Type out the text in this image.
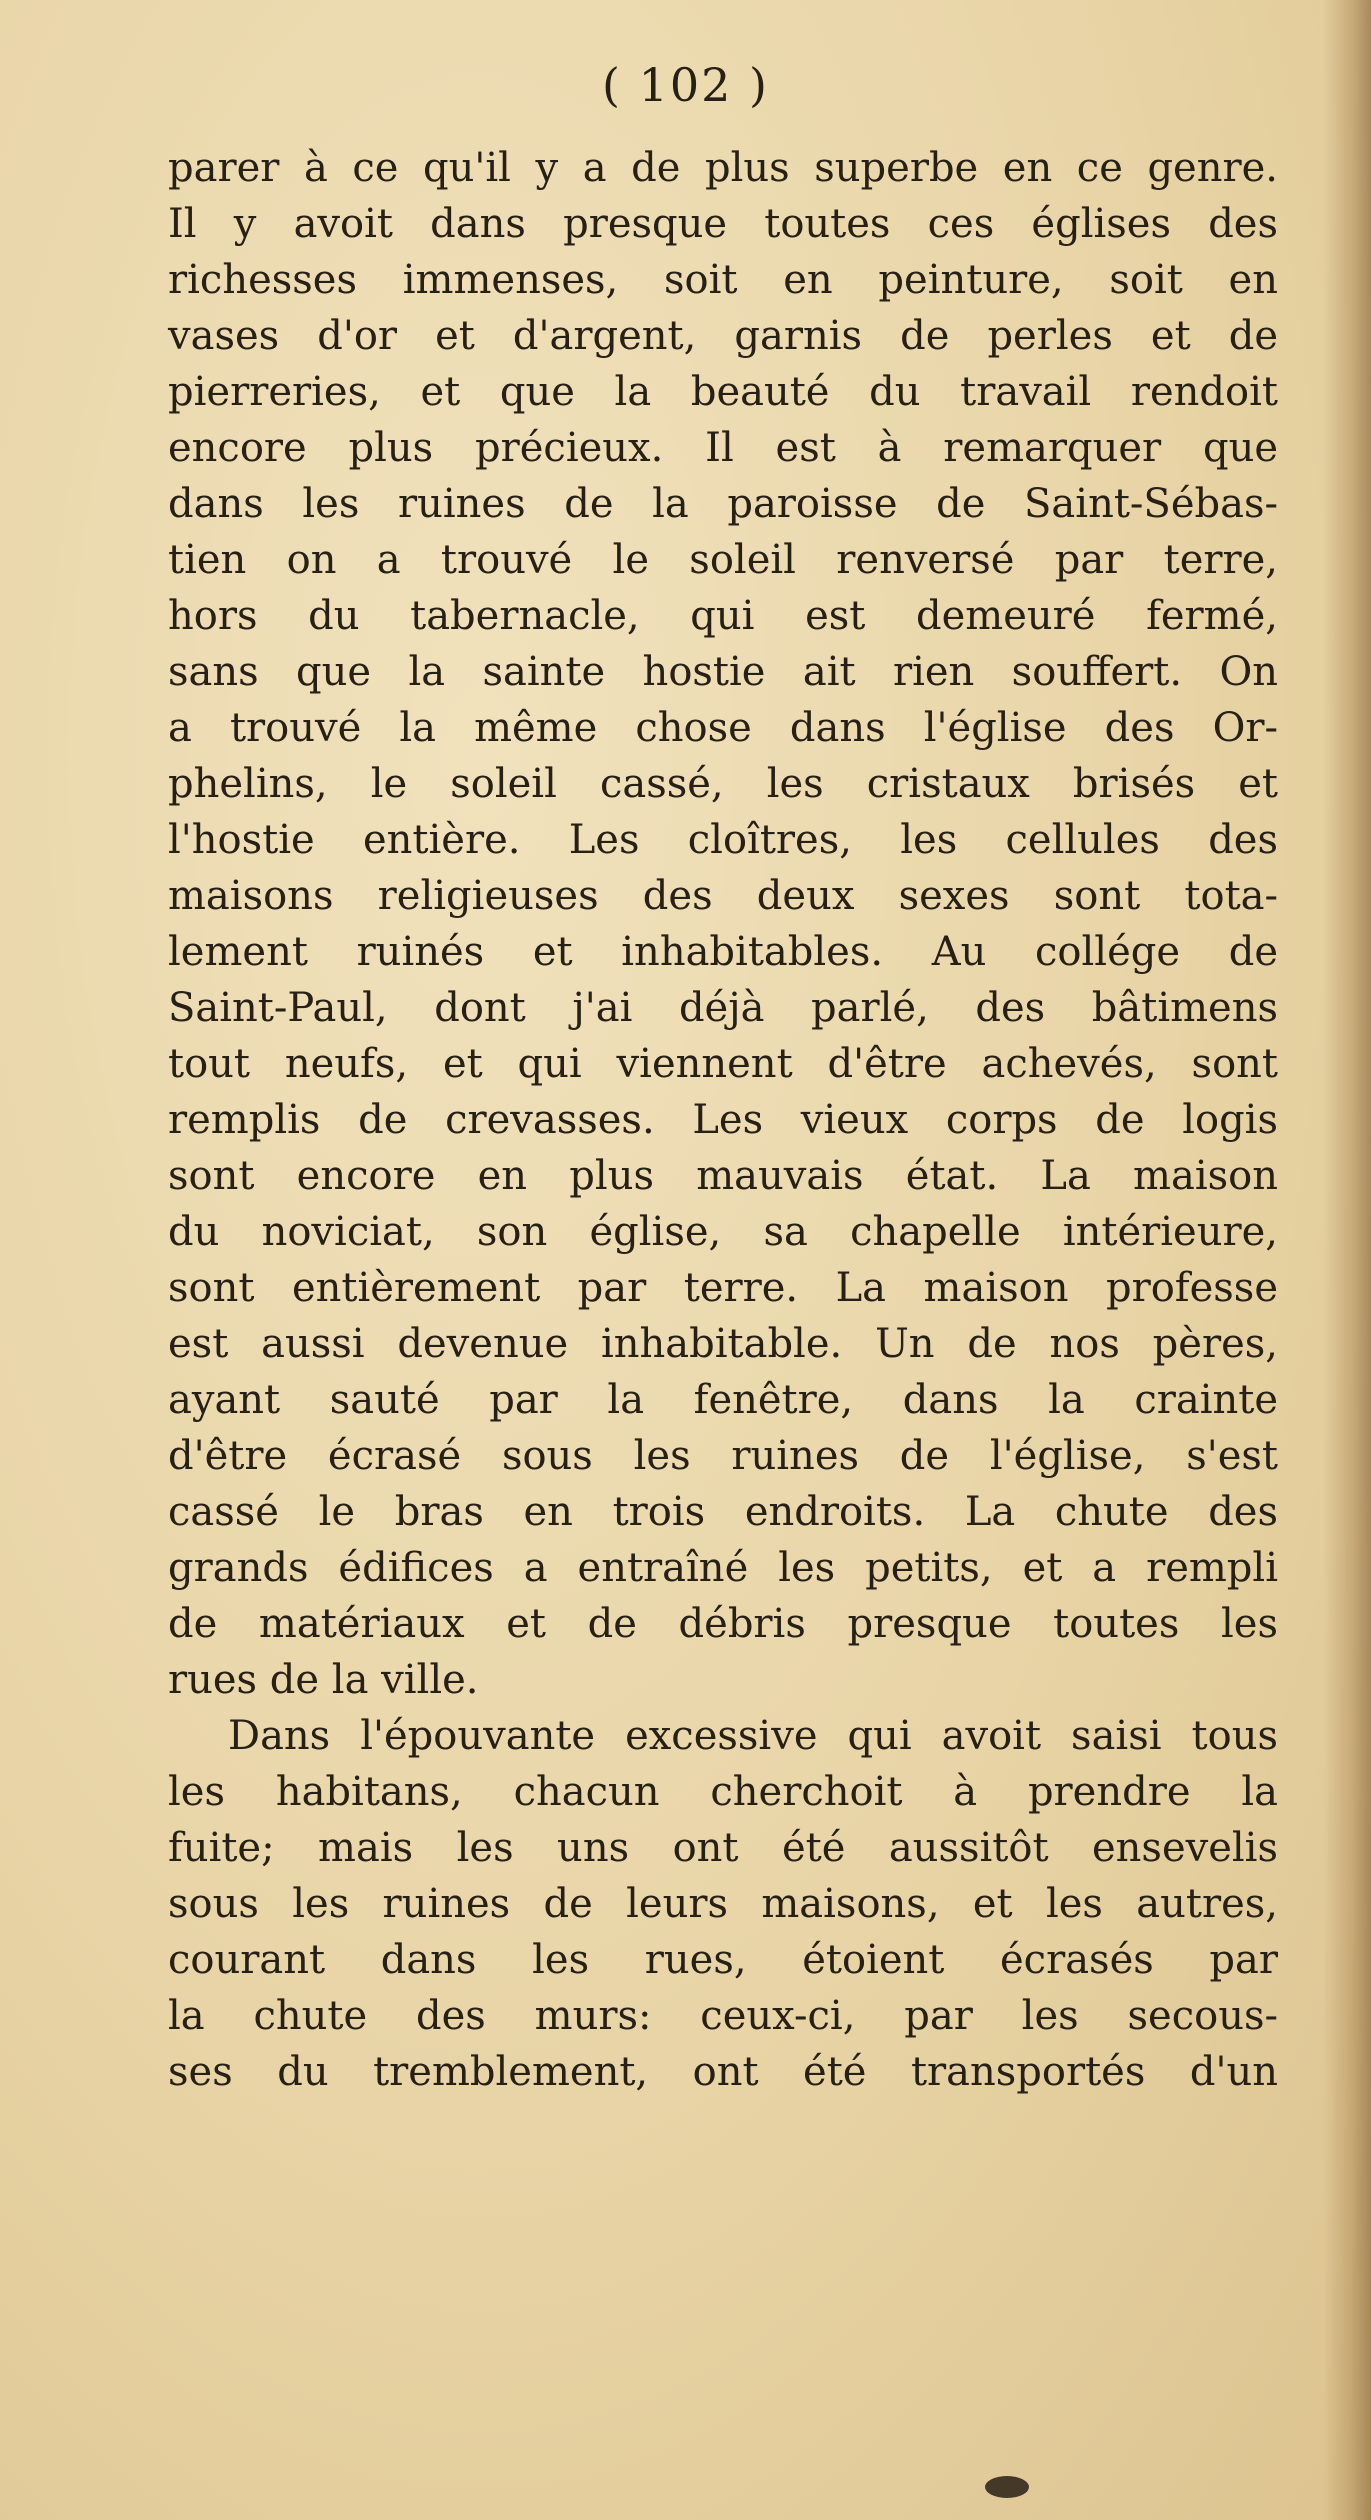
( 102 )
parer à ce qu'il y a de plus superbe en ce genre.
Il y avoit dans presque toutes ces églises des
richesses immenses, soit en peinture, soit en
vases d'or et d'argent, garnis de perles et de
pierreries, et que la beauté du travail rendoit
encore plus précieux. Il est à remarquer que
dans les ruines de la paroisse de Saint-Sébas-
tien on a trouvé le soleil renversé par terre,
hors du tabernacle, qui est demeuré fermé,
sans que la sainte hostie ait rien souffert. On
a trouvé la même chose dans l'église des Or-
phelins, le soleil cassé, les cristaux brisés et
l'hostie entière. Les cloîtres, les cellules des
maisons religieuses des deux sexes sont tota-
lement ruinés et inhabitables. Au collége de
Saint-Paul, dont j'ai déjà parlé, des bâtimens
tout neufs, et qui viennent d'être achevés, sont
remplis de crevasses. Les vieux corps de logis
sont encore en plus mauvais état. La maison
du noviciat, son église, sa chapelle intérieure,
sont entièrement par terre. La maison professe
est aussi devenue inhabitable. Un de nos pères,
ayant sauté par la fenêtre, dans la crainte
d'être écrasé sous les ruines de l'église, s'est
cassé le bras en trois endroits. La chute des
grands édifices a entraîné les petits, et a rempli
de matériaux et de débris presque toutes les
rues de la ville.
Dans l'épouvante excessive qui avoit saisi tous
les habitans, chacun cherchoit à prendre la
fuite; mais les uns ont été aussitôt ensevelis
sous les ruines de leurs maisons, et les autres,
courant dans les rues, étoient écrasés par
la chute des murs: ceux-ci, par les secous-
ses du tremblement, ont été transportés d'un
